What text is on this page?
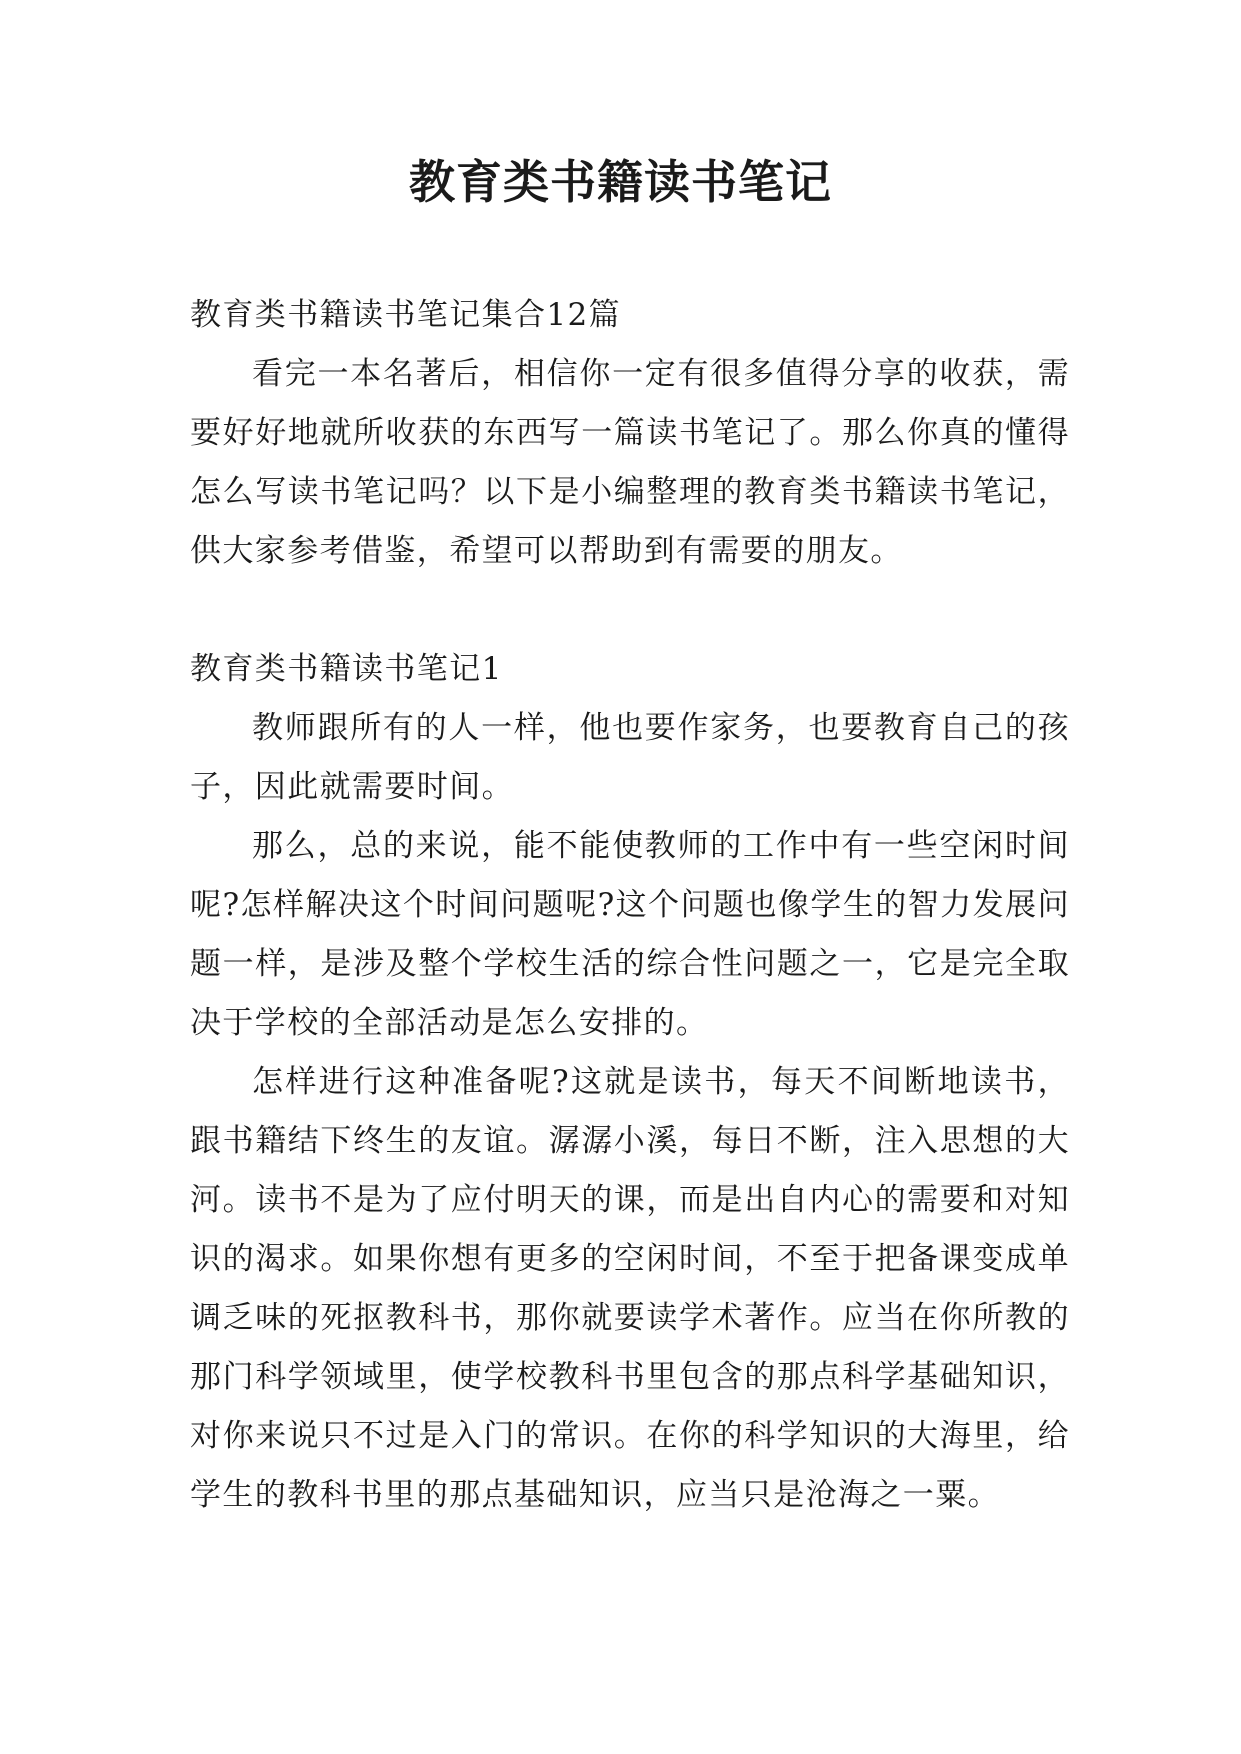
教育类书籍读书笔记

教育类书籍读书笔记集合12篇

看完一本名著后，相信你一定有很多值得分享的收获，需要好好地就所收获的东西写一篇读书笔记了。那么你真的懂得怎么写读书笔记吗？以下是小编整理的教育类书籍读书笔记，供大家参考借鉴，希望可以帮助到有需要的朋友。

教育类书籍读书笔记1

教师跟所有的人一样，他也要作家务，也要教育自己的孩子，因此就需要时间。

那么，总的来说，能不能使教师的工作中有一些空闲时间呢?怎样解决这个时间问题呢?这个问题也像学生的智力发展问题一样，是涉及整个学校生活的综合性问题之一，它是完全取决于学校的全部活动是怎么安排的。

怎样进行这种准备呢?这就是读书，每天不间断地读书，跟书籍结下终生的友谊。潺潺小溪，每日不断，注入思想的大河。读书不是为了应付明天的课，而是出自内心的需要和对知识的渴求。如果你想有更多的空闲时间，不至于把备课变成单调乏味的死抠教科书，那你就要读学术著作。应当在你所教的那门科学领域里，使学校教科书里包含的那点科学基础知识，对你来说只不过是入门的常识。在你的科学知识的大海里，给学生的教科书里的那点基础知识，应当只是沧海之一粟。
